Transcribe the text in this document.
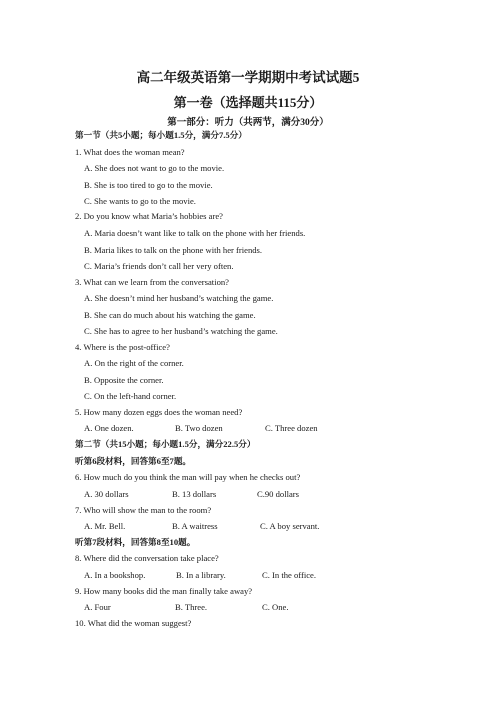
高二年级英语第一学期期中考试试题5
第一卷（选择题共115分）
第一部分：听力（共两节，满分30分）
第一节（共5小题；每小题1.5分，满分7.5分）
1. What does the woman mean?
A. She does not want to go to the movie.
B. She is too tired to go to the movie.
C. She wants to go to the movie.
2. Do you know what Maria’s hobbies are?
A. Maria doesn’t want like to talk on the phone with her friends.
B. Maria likes to talk on the phone with her friends.
C. Maria’s friends don’t call her very often.
3. What can we learn from the conversation?
A. She doesn’t mind her husband’s watching the game.
B. She can do much about his watching the game.
C. She has to agree to her husband’s watching the game.
4. Where is the post-office?
A. On the right of the corner.
B. Opposite the corner.
C. On the left-hand corner.
5. How many dozen eggs does the woman need?
A. One dozen.	B. Two dozen	C. Three dozen
第二节（共15小题；每小题1.5分，满分22.5分）
听第6段材料，回答第6至7题。
6. How much do you think the man will pay when he checks out?
A. 30 dollars	B. 13 dollars	C.90 dollars
7. Who will show the man to the room?
A. Mr. Bell.	B. A waitress	C. A boy servant.
听第7段材料，回答第8至10题。
8. Where did the conversation take place?
A. In a bookshop.	B. In a library.	C. In the office.
9. How many books did the man finally take away?
A. Four	B. Three.	C. One.
10. What did the woman suggest?
